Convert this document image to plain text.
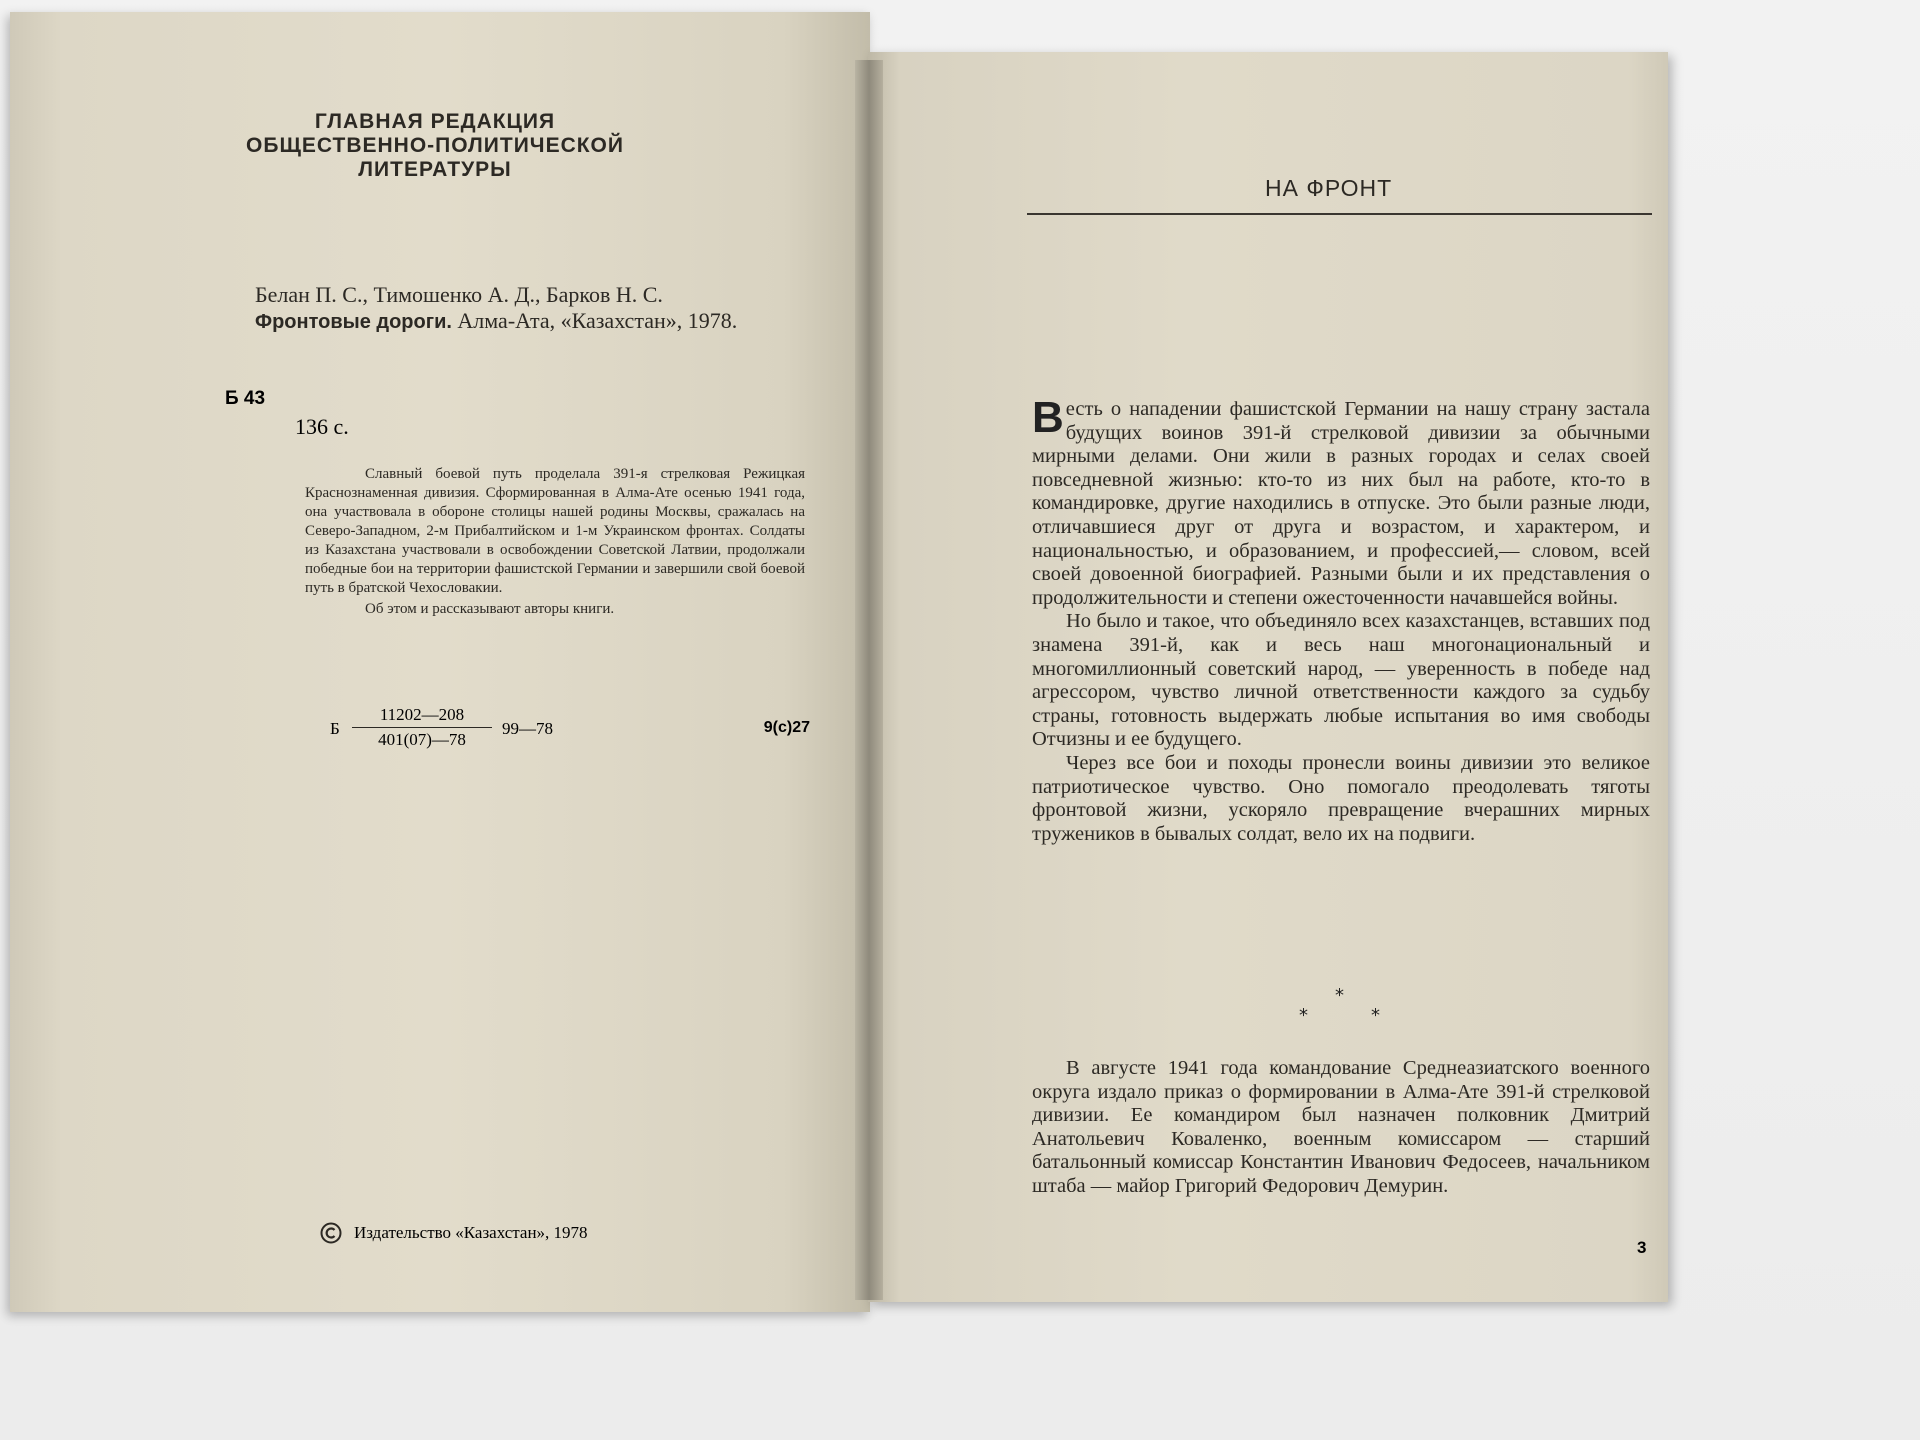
ГЛАВНАЯ РЕДАКЦИЯ
ОБЩЕСТВЕННО-ПОЛИТИЧЕСКОЙ
ЛИТЕРАТУРЫ
Белан П. С., Тимошенко А. Д., Барков Н. С.
Фронтовые дороги. Алма-Ата, «Казахстан», 1978.
Б 43
136 с.

Славный боевой путь проделала 391-я стрелковая Режицкая Краснознаменная дивизия. Сформированная в Алма-Ате осенью 1941 года, она участвовала в обороне столицы нашей родины Москвы, сражалась на Северо-Западном, 2-м Прибалтийском и 1-м Украинском фронтах. Солдаты из Казахстана участвовали в освобождении Советской Латвии, продолжали победные бои на территории фашистской Германии и завершили свой боевой путь в братской Чехословакии.

Об этом и рассказывают авторы книги.

Б $\frac{11202—208}{401(07)—78}$ 99—78	9(с)27
Издательство «Казахстан», 1978
НА ФРОНТ

Весть о нападении фашистской Германии на нашу страну застала будущих воинов 391-й стрелковой дивизии за обычными мирными делами. Они жили в разных городах и селах своей повседневной жизнью: кто-то из них был на работе, кто-то в командировке, другие находились в отпуске. Это были разные люди, отличавшиеся друг от друга и возрастом, и характером, и национальностью, и образованием, и профессией,— словом, всей своей довоенной биографией. Разными были и их представления о продолжительности и степени ожесточенности начавшейся войны.

Но было и такое, что объединяло всех казахстанцев, вставших под знамена 391-й, как и весь наш многонациональный и многомиллионный советский народ, — уверенность в победе над агрессором, чувство личной ответственности каждого за судьбу страны, готовность выдержать любые испытания во имя свободы Отчизны и ее будущего.

Через все бои и походы пронесли воины дивизии это великое патриотическое чувство. Оно помогало преодолевать тяготы фронтовой жизни, ускоряло превращение вчерашних мирных тружеников в бывалых солдат, вело их на подвиги.

*
*	*

В августе 1941 года командование Среднеазиатского военного округа издало приказ о формировании в Алма-Ате 391-й стрелковой дивизии. Ее командиром был назначен полковник Дмитрий Анатольевич Коваленко, военным комиссаром — старший батальонный комиссар Константин Иванович Федосеев, начальником штаба — майор Григорий Федорович Демурин.

3
